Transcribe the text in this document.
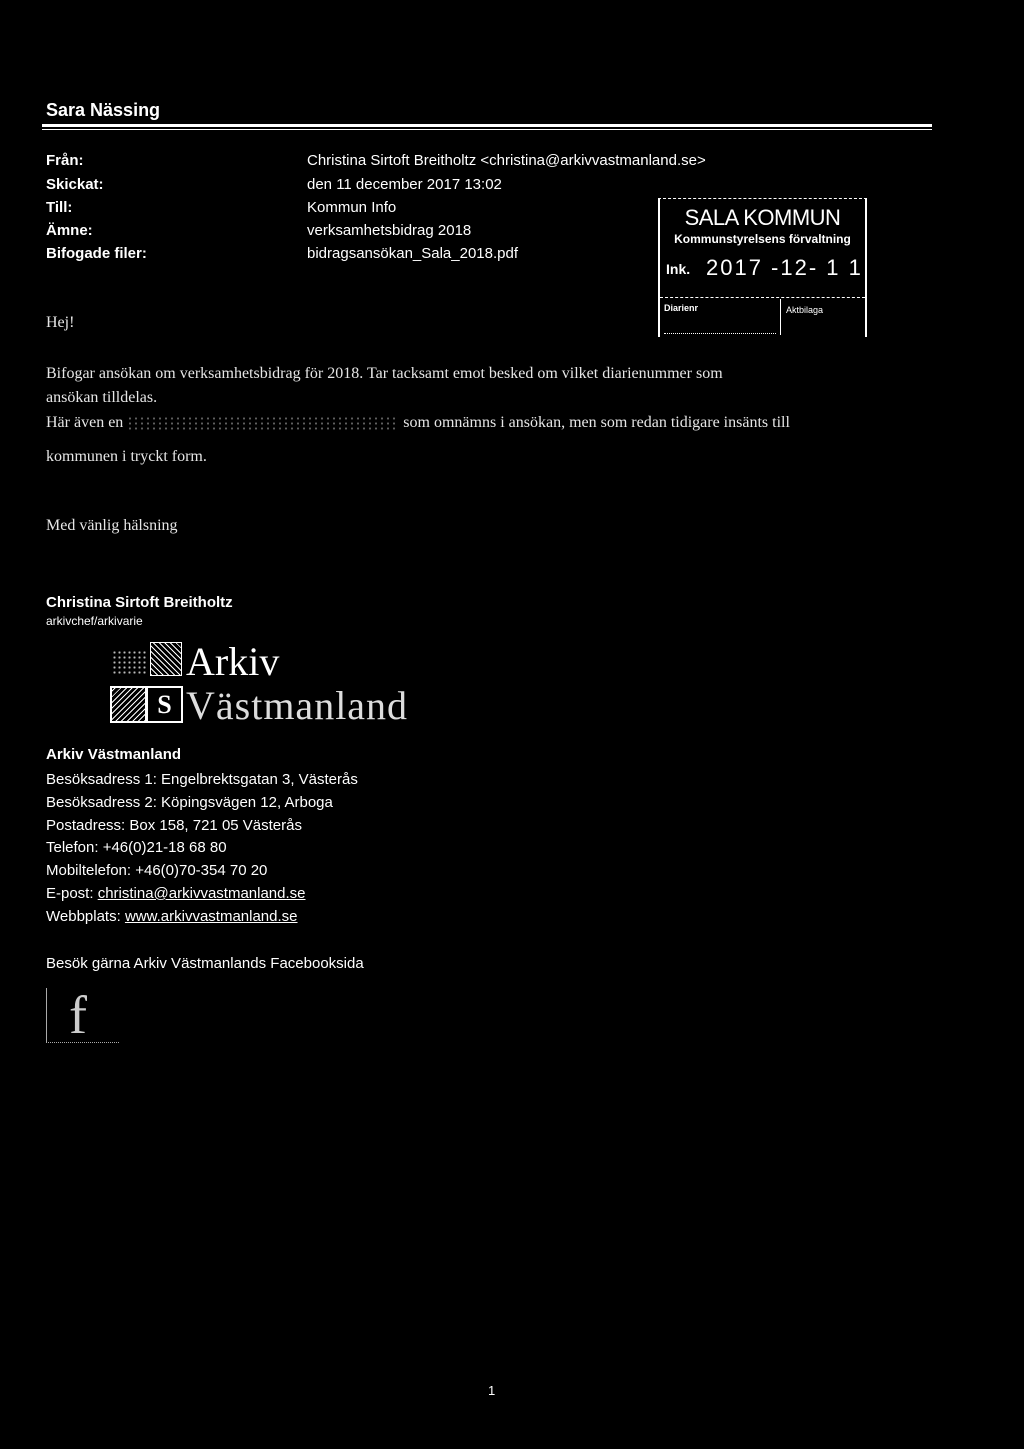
Sara Nässing
Från:	Christina Sirtoft Breitholtz <christina@arkivvastmanland.se>
Skickat:	den 11 december 2017 13:02
Till:	Kommun Info
Ämne:	verksamhetsbidrag 2018
Bifogade filer:	bidragsansökan_Sala_2018.pdf
SALA KOMMUN
Kommunstyrelsens förvaltning
Ink. 2017 -12- 1 1
Diarienr	Aktbilaga
Hej!
Bifogar ansökan om verksamhetsbidrag för 2018. Tar tacksamt emot besked om vilket diarienummer som
ansökan tilldelas.
Här även en	som omnämns i ansökan, men som redan tidigare insänts till
kommunen i tryckt form.
Med vänlig hälsning
Christina Sirtoft Breitholtz
arkivchef/arkivarie
S
Arkiv
Västmanland
Arkiv Västmanland
Besöksadress 1: Engelbrektsgatan 3, Västerås
Besöksadress 2: Köpingsvägen 12, Arboga
Postadress: Box 158, 721 05 Västerås
Telefon: +46(0)21-18 68 80
Mobiltelefon: +46(0)70-354 70 20
E-post: christina@arkivvastmanland.se
Webbplats: www.arkivvastmanland.se
Besök gärna Arkiv Västmanlands Facebooksida
f
1
